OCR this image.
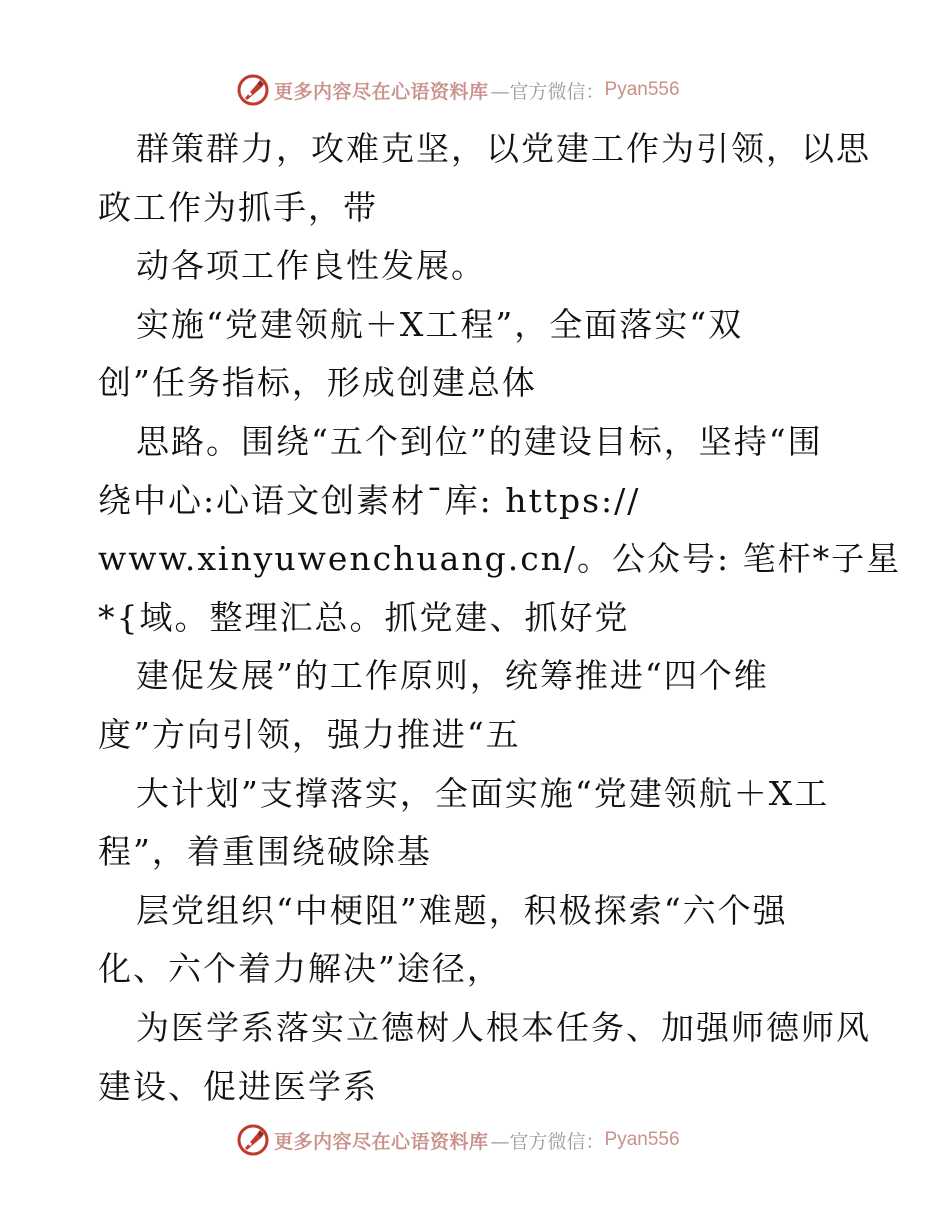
更多内容尽在心语资料库 —官方微信： Pyan556
群策群力，攻难克坚，以党建工作为引领，以思
政工作为抓手，带
动各项工作良性发展。
实施“党建领航＋X工程”，全面落实“双
创”任务指标，形成创建总体
思路。围绕“五个到位”的建设目标，坚持“围
绕中心:心语文创素材¯库: https://
www.xinyuwenchuang.cn/。公众号: 笔杆*子星
*{域。整理汇总。抓党建、抓好党
建促发展”的工作原则，统筹推进“四个维
度”方向引领，强力推进“五
大计划”支撑落实，全面实施“党建领航＋X工
程”，着重围绕破除基
层党组织“中梗阻”难题，积极探索“六个强
化、六个着力解决”途径，
为医学系落实立德树人根本任务、加强师德师风
建设、促进医学系
更多内容尽在心语资料库 —官方微信： Pyan556
